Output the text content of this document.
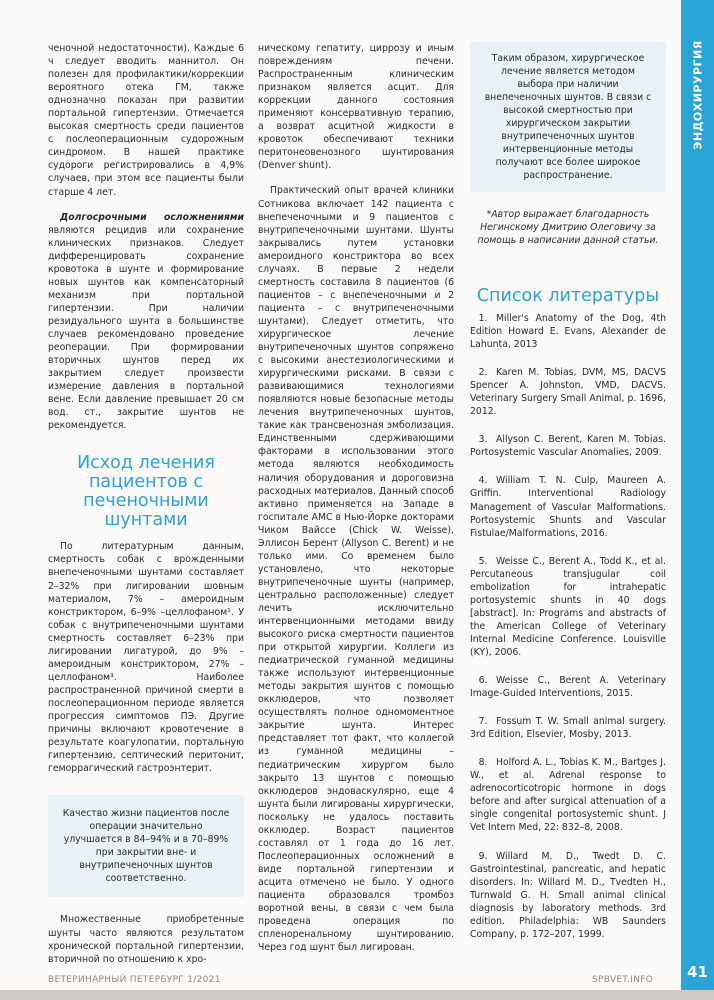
ченочной недостаточности). Каждые 6 ч следует вводить маннитол. Он полезен для профилактики/коррекции вероятного отека ГМ, также однозначно показан при развитии портальной гипертензии. Отмечается высокая смертность среди пациентов с послеоперационным судорожным синдромом. В нашей практике судороги регистрировались в 4,9% случаев, при этом все пациенты были старше 4 лет.

Долгосрочными осложнениями являются рецидив или сохранение клинических признаков. Следует дифференцировать сохранение кровотока в шунте и формирование новых шунтов как компенсаторный механизм при портальной гипертензии. При наличии резидуального шунта в большинстве случаев рекомендовано проведение реоперации. При формировании вторичных шунтов перед их закрытием следует произвести измерение давления в портальной вене. Если давление превышает 20 см вод. ст., закрытие шунтов не рекомендуется.

Исход лечения пациентов с печеночными шунтами

По литературным данным, смертность собак с врожденными внепеченочными шунтами составляет 2–32% при лигировании шовным материалом, 7% – амероидным констриктором, 6–9% –целлофаном¹. У собак с внутрипеченочными шунтами смертность составляет 6–23% при лигировании лигатурой, до 9% – амероидным констриктором, 27% – целлофаном³. Наиболее распространенной причиной смерти в послеоперационном периоде является прогрессия симптомов ПЭ. Другие причины включают кровотечение в результате коагулопатии, портальную гипертензию, септический перитонит, геморрагический гастроэнтерит.

Качество жизни пациентов после операции значительно улучшается в 84–94% и в 70–89% при закрытии вне- и внутрипеченочных шунтов соответственно.

Множественные приобретенные шунты часто являются результатом хронической портальной гипертензии, вторичной по отношению к хро-

ническому гепатиту, циррозу и иным повреждениям печени. Распространенным клиническим признаком является асцит. Для коррекции данного состояния применяют консервативную терапию, а возврат асцитной жидкости в кровоток обеспечивают техники перитонеовенозного шунтирования (Denver shunt).

Практический опыт врачей клиники Сотникова включает 142 пациента с внепеченочными и 9 пациентов с внутрипеченочными шунтами. Шунты закрывались путем установки амероидного констриктора во всех случаях. В первые 2 недели смертность составила 8 пациентов (6 пациентов – с внепеченочными и 2 пациента – с внутрипеченочными шунтами). Следует отметить, что хирургическое лечение внутрипеченочных шунтов сопряжено с высокими анестезиологическими и хирургическими рисками. В связи с развивающимися технологиями появляются новые безопасные методы лечения внутрипеченочных шунтов, такие как трансвенозная эмболизация. Единственными сдерживающими факторами в использовании этого метода являются необходимость наличия оборудования и дороговизна расходных материалов. Данный способ активно применяется на Западе в госпитале АМС в Нью-Йорке докторами Чиком Вайссе (Chick W. Weisse), Эллисон Берент (Allyson C. Berent) и не только ими. Со временем было установлено, что некоторые внутрипеченочные шунты (например, центрально расположенные) следует лечить исключительно интервенционными методами ввиду высокого риска смертности пациентов при открытой хирургии. Коллеги из педиатрической гуманной медицины также используют интервенционные методы закрытия шунтов с помощью окклюдеров, что позволяет осуществлять полное одномоментное закрытие шунта. Интерес представляет тот факт, что коллегой из гуманной медицины – педиатрическим хирургом было закрыто 13 шунтов с помощью окклюдеров эндоваскулярно, еще 4 шунта были лигированы хирургически, поскольку не удалось поставить окклюдер. Возраст пациентов составлял от 1 года до 16 лет. Послеоперационных осложнений в виде портальной гипертензии и асцита отмечено не было. У одного пациента образовался тромбоз воротной вены, в связи с чем была проведена операция по спленоренальному шунтированию. Через год шунт был лигирован.

Таким образом, хирургическое лечение является методом выбора при наличии внепеченочных шунтов. В связи с высокой смертностью при хирургическом закрытии внутрипеченочных шунтов интервенционные методы получают все более широкое распространение.
*Автор выражает благодарность Негинскому Дмитрию Олеговичу за помощь в написании данной статьи.
Список литературы
1. Miller's Anatomy of the Dog, 4th Edition Howard E. Evans, Alexander de Lahunta, 2013
2. Karen M. Tobias, DVM, MS, DACVS Spencer A. Johnston, VMD, DACVS. Veterinary Surgery Small Animal, p. 1696, 2012.
3. Allyson C. Berent, Karen M. Tobias. Portosystemic Vascular Anomalies, 2009.
4. William T. N. Culp, Maureen A. Griffin. Interventional Radiology Management of Vascular Malformations. Portosystemic Shunts and Vascular Fistulae/Malformations, 2016.
5. Weisse C., Berent A., Todd K., et al. Percutaneous transjugular coil embolization for intrahepatic portosystemic shunts in 40 dogs [abstract]. In: Programs and abstracts of the American College of Veterinary Internal Medicine Conference. Louisville (KY), 2006.
6. Weisse C., Berent A. Veterinary Image-Guided Interventions, 2015.
7. Fossum T. W. Small animal surgery. 3rd Edition, Elsevier, Mosby, 2013.
8. Holford A. L., Tobias K. M., Bartges J. W., et al. Adrenal response to adrenocorticotropic hormone in dogs before and after surgical attenuation of a single congenital portosystemic shunt. J Vet Intern Med, 22: 832–8, 2008.
9. Willard M. D., Twedt D. C. Gastrointestinal, pancreatic, and hepatic disorders. In: Willard M. D., Tvedten H., Turnwald G. H. Small animal clinical diagnosis by laboratory methods. 3rd edition. Philadelphia: WB Saunders Company, p. 172–207, 1999.
ЭНДОХИРУРГИЯ
ВЕТЕРИНАРНЫЙ ПЕТЕРБУРГ 1/2021	SPBVET.INFO	41
